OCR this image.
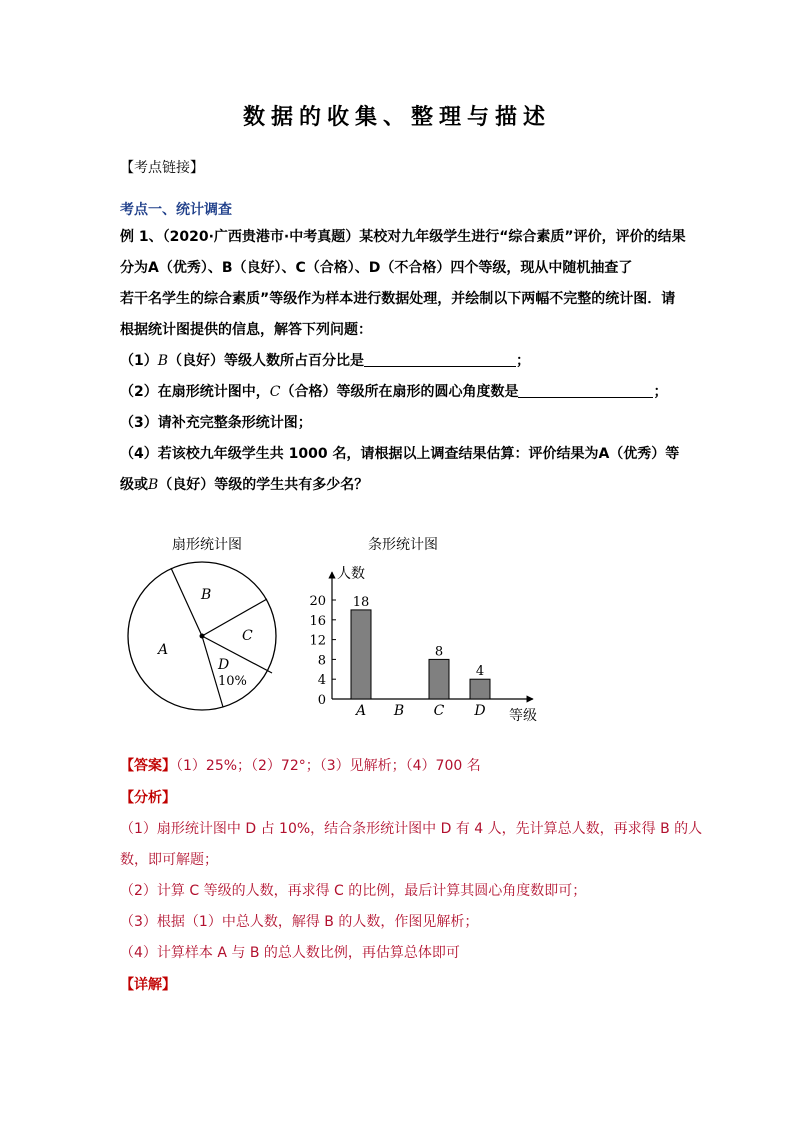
数据的收集、整理与描述
【考点链接】
考点一、统计调查
例 1、（2020·广西贵港市·中考真题）某校对九年级学生进行“综合素质”评价，评价的结果
分为A（优秀）、B（良好）、C（合格）、D（不合格）四个等级，现从中随机抽查了
若干名学生的综合素质”等级作为样本进行数据处理，并绘制以下两幅不完整的统计图．请
根据统计图提供的信息，解答下列问题：
（1）B（良好）等级人数所占百分比是	；
（2）在扇形统计图中，C（合格）等级所在扇形的圆心角度数是	；
（3）请补充完整条形统计图；
（4）若该校九年级学生共 1000 名，请根据以上调查结果估算：评价结果为A（优秀）等
级或B（良好）等级的学生共有多少名？
扇形统计图	条形统计图
A
B
C
D
10%
人数
等级
0
4
8
12
16
20
A
18
B C
8
D
4
【答案】（1）25%；（2）72°；（3）见解析；（4）700 名
【分析】
（1）扇形统计图中 D 占 10%，结合条形统计图中 D 有 4 人，先计算总人数，再求得 B 的人
数，即可解题；
（2）计算 C 等级的人数，再求得 C 的比例，最后计算其圆心角度数即可；
（3）根据（1）中总人数，解得 B 的人数，作图见解析；
（4）计算样本 A 与 B 的总人数比例，再估算总体即可
【详解】
